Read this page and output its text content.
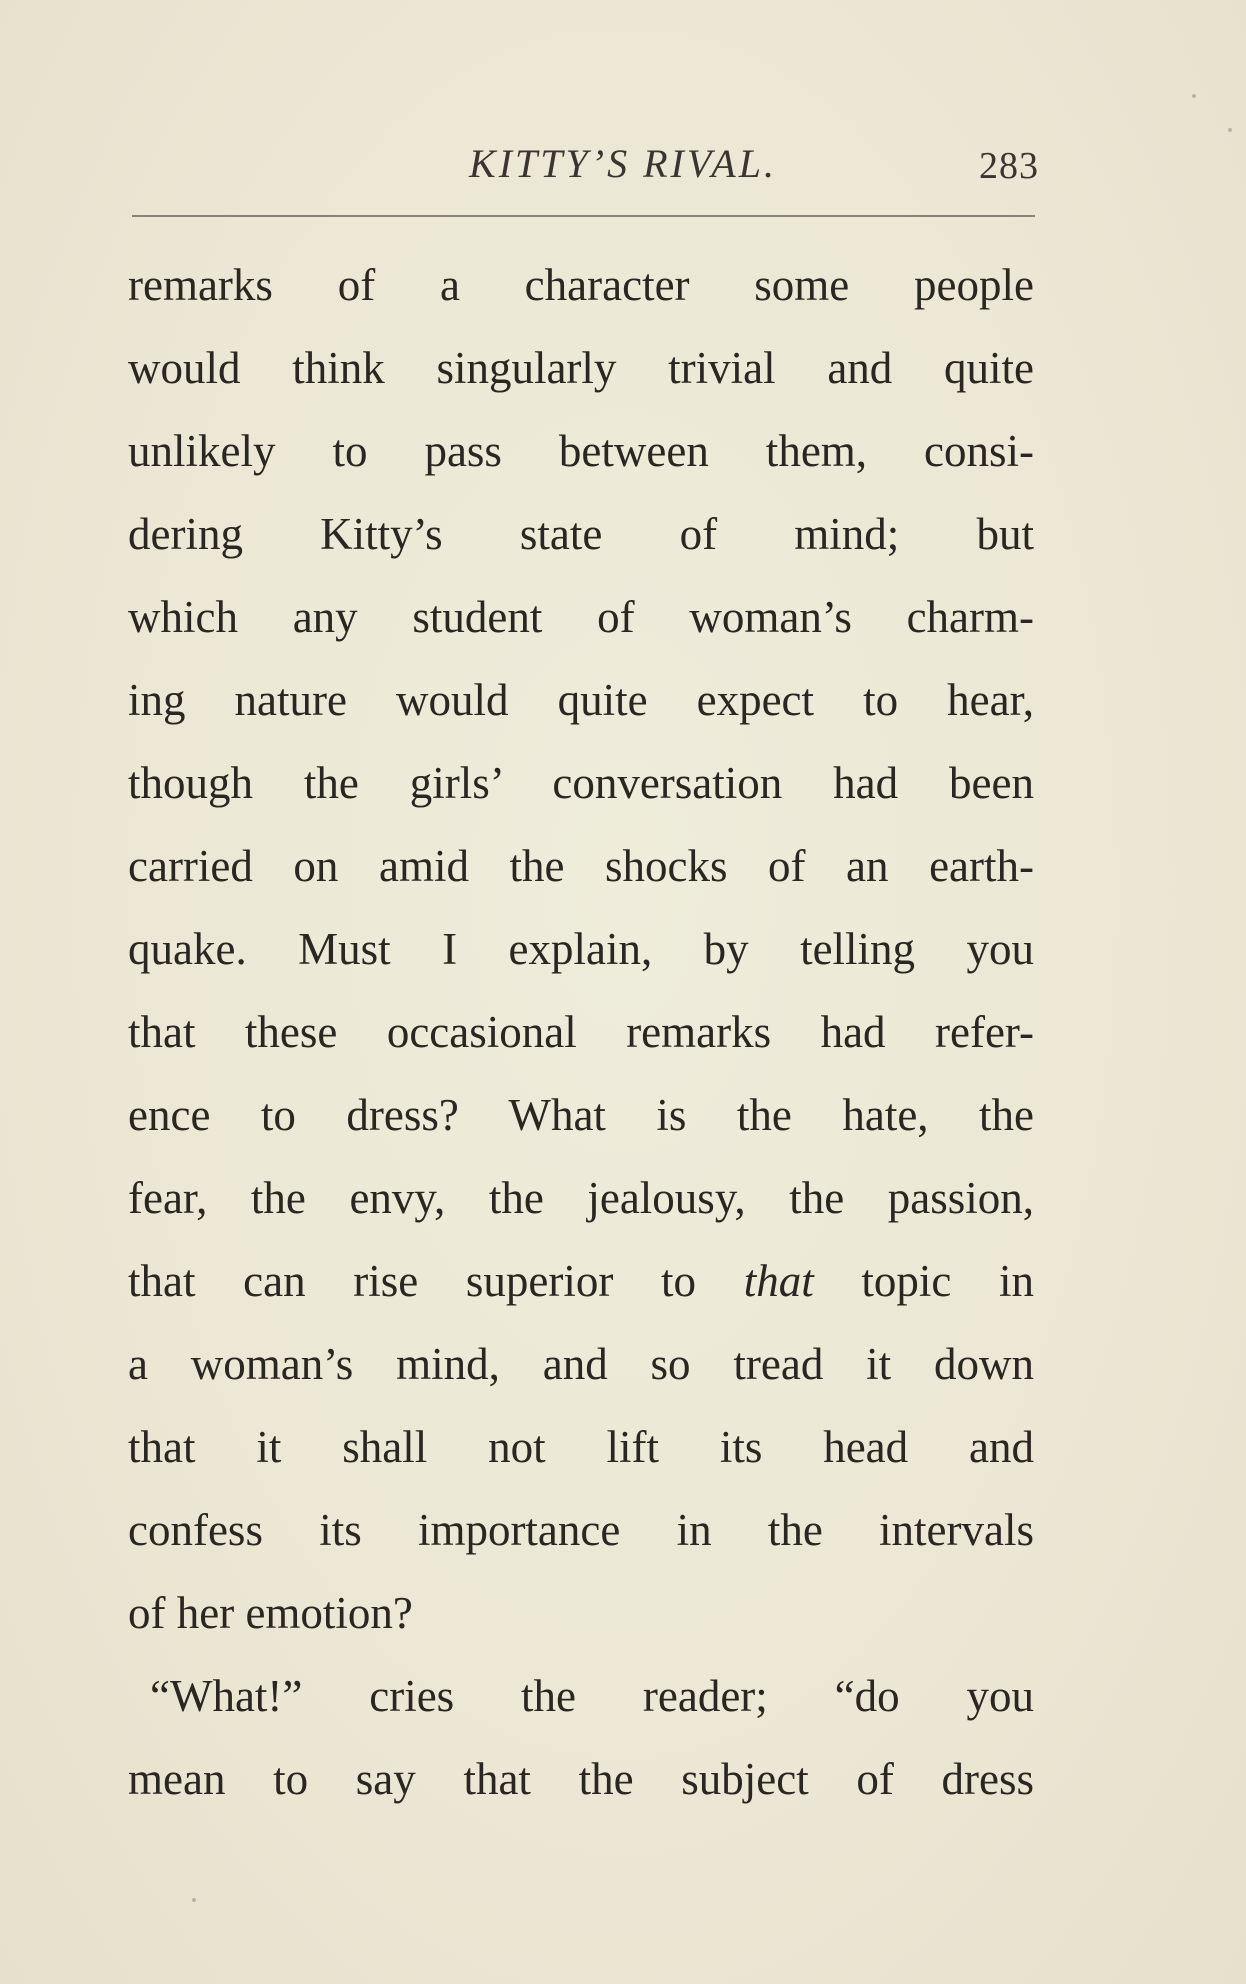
KITTY’S RIVAL.	283
remarks of a character some people
would think singularly trivial and quite
unlikely to pass between them, consi-
dering Kitty’s state of mind; but
which any student of woman’s charm-
ing nature would quite expect to hear,
though the girls’ conversation had been
carried on amid the shocks of an earth-
quake. Must I explain, by telling you
that these occasional remarks had refer-
ence to dress? What is the hate, the
fear, the envy, the jealousy, the passion,
that can rise superior to that topic in
a woman’s mind, and so tread it down
that it shall not lift its head and
confess its importance in the intervals
of her emotion?
“What!” cries the reader; “do you
mean to say that the subject of dress
